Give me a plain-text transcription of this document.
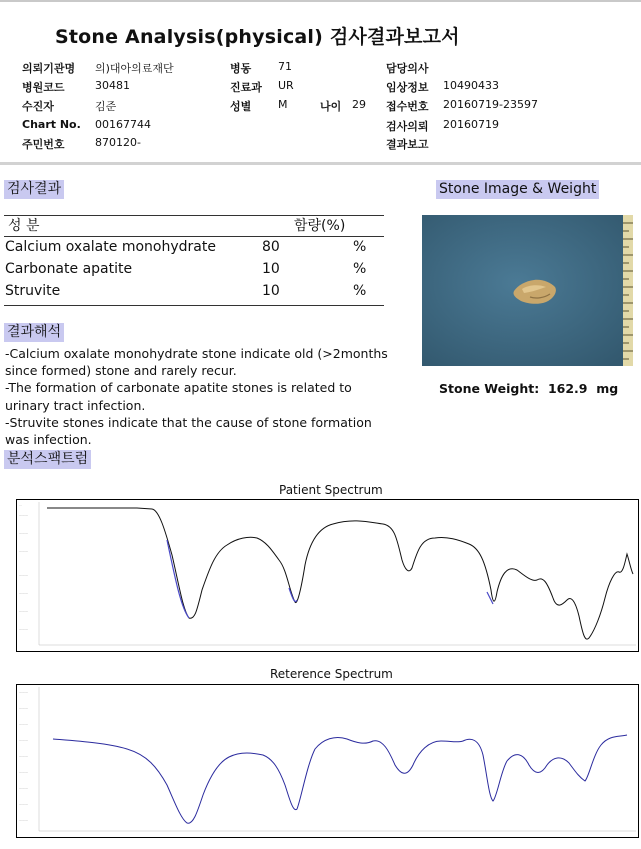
Stone Analysis(physical) 검사결과보고서
의뢰기관명 의)대아의료재단
병원코드	30481
수진자	김준
Chart No. 00167744
주민번호	870120-
병동 71
진료과 UR
성별 M	나이 29
담당의사
임상정보 10490433
접수번호 20160719-23597
검사의뢰 20160719
결과보고
검사결과
성 분	함량(%)
Calcium oxalate monohydrate	80	%
Carbonate apatite	10	%
Struvite	10	%
결과해석
-Calcium oxalate monohydrate stone indicate old (>2months since formed) stone and rarely recur.
-The formation of carbonate apatite stones is related to urinary tract infection.
-Struvite stones indicate that the cause of stone formation was infection.
Stone Image & Weight
Stone Weight: 162.9 mg
분석스팩트럼
Patient Spectrum
...
———
———
———
———
———
———
———
Reterence Spectrum
———
———
———
———
———
———
———
———
———
